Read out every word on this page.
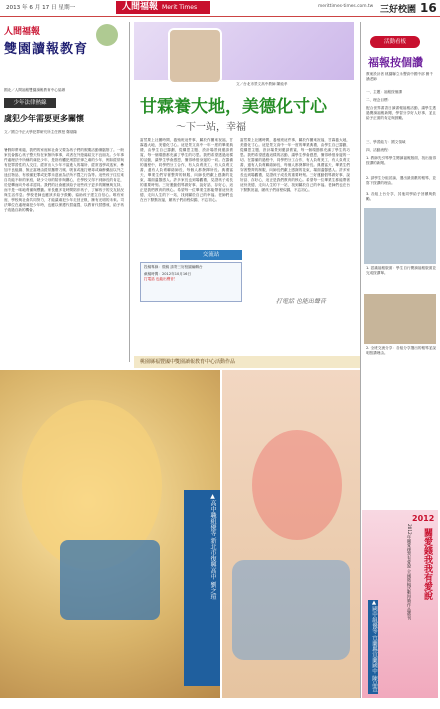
2013 年 6 月 17 日 星期一	人間福報 Merit Times	merittimes-times.com.tw 三好校園 16
人間福報
雙園讀報教育
國北／人間福報雙園讀報教育中心協辦
少年法律熱線
虞犯少年需要更多關懷
文／國立中正大學犯罪研究所主任教授 鄭瑞隆
暑假即將來臨，我們的家庭和社會又要為孩子們的假期活動傷腦筋了。一般家長會擔心孩子整天待在家無所事事，或者在外遊蕩結交不良朋友。少年事件處理法中所稱的虞犯少年，是指有觸犯刑罰法律之虞的少年，例如經常與有犯罪習性的人交往、經常出入少年不當進入的場所、經常逃學或逃家、參加不良組織、無正當理由經常攜帶刀械、吸食或施打煙毒或麻醉藥品以外之迷幻物品、有預備犯罪或犯罪未遂而為法所不罰之行為等。這些孩子往往來自功能不彰的家庭，缺少父母的陪伴與關心，在學校又得不到師長的肯定，於是轉而向外尋求認同。我們的社會應該給予這些孩子更多的關懷與支持，而不是一味地責備與標籤。家長應多花時間陪伴孩子，了解孩子的交友狀況與生活作息；學校老師也應該多給予鼓勵，協助孩子建立自信心。唯有家庭、學校與社會共同努力，才能讓虞犯少年走回正軌，擁有光明的未來。司法單位在處理虞犯少年時，也應以保護代替處罰，以教育代替懲戒，給予孩子改過自新的機會。
文／台北市景文高中教師 陳純孝
甘霖養大地，美德化寸心
～下一站，幸福
當然要上社團時間，養殖班這件事，屬於作團來祝福，甘霖養大地，美德化寸心。這是景文高中一年一度的畢業典禮，由學生自己籌劃，從構思主題、設計場景到邀請貴賓，每一個環節都充滿了學生的巧思。我們希望透過這樣的活動，讓學生學會感恩，懂得珍惜身邊的一切。在籌備的過程中，同學們分工合作，有人負責美工，有人負責文書，還有人負責聯絡師長，每個人都發揮所長。典禮當天，畢業生們穿著整齊的制服，向師長們獻上感謝的花束，場面溫馨感人。許多家長也到場觀禮，見證孩子成長的重要時刻。三好運動倡導做好事、說好話、存好心，這正是我們教育的核心。希望每一位畢業生都能帶著這份美德，走向人生的下一站，找到屬於自己的幸福。老師們也在台下默默祝福，願孩子們前程似錦，不忘初心。
當然要上社團時間，養殖班這件事，屬於作團來祝福，甘霖養大地，美德化寸心。這是景文高中一年一度的畢業典禮，由學生自己籌劃，從構思主題、設計場景到邀請貴賓，每一個環節都充滿了學生的巧思。我們希望透過這樣的活動，讓學生學會感恩，懂得珍惜身邊的一切。在籌備的過程中，同學們分工合作，有人負責美工，有人負責文書，還有人負責聯絡師長，每個人都發揮所長。典禮當天，畢業生們穿著整齊的制服，向師長們獻上感謝的花束，場面溫馨感人。許多家長也到場觀禮，見證孩子成長的重要時刻。三好運動倡導做好事、說好話、存好心，這正是我們教育的核心。希望每一位畢業生都能帶著這份美德，走向人生的下一站，找到屬於自己的幸福。老師們也在台下默默祝福，願孩子們前程似錦，不忘初心。
交流站
投稿專線：徵稿 請寄三好校園編輯台
截稿時間：2012年10月16日
打電話 也能出聲音！
打電話 也能出聲音
桃園縣福豐國中雙園讀報教育中心活動作品
▲高中職組優等 新北市復興高中 劉之瑄
活動看板
福報按個讚
教案設計者 桃園縣立永豐高中國中部 劉千涵老師
一、主題：福報按個讚
二、理念目標：
配合世界書香日讀書報福報活動，讓學生透過閱讀福報新聞，學習分享好人好事，並且給予正面的肯定與鼓勵。
三、學習能力：國文領域
四、活動流程：
1. 教師先引導學生閱讀福報版面，找出值得按讚的新聞。
2. 請學生分組討論，選出最喜歡的報導，並寫下按讚的理由。
3. 各組上台分享，其他同學給予回饋與鼓勵。
1. 認識福報版面：學生自行閱讀福報版面並完成按讚單。
2. 全班交流分享：各組分享選出的報導並說明按讚理由。
2012
關愛錢我我有愛說
2012年關愛錢我有愛說 全國徵稿活動得獎作品選刊
▲國中組優等 宜蘭縣宜蘭國中 陳品萱
